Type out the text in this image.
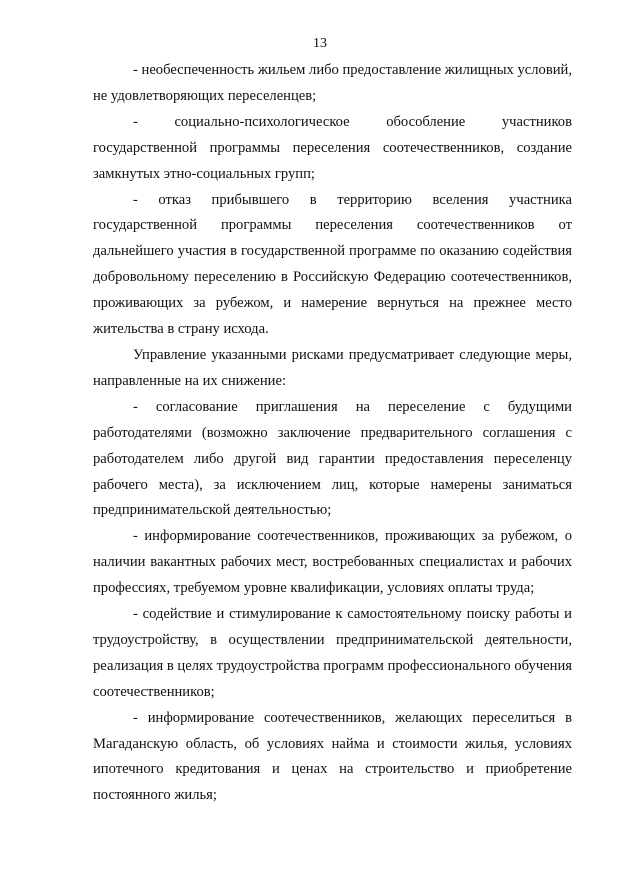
13

- необеспеченность жильем либо предоставление жилищных условий, не удовлетворяющих переселенцев;

- социально-психологическое обособление участников государственной программы переселения соотечественников, создание замкнутых этно-социальных групп;

- отказ прибывшего в территорию вселения участника государственной программы переселения соотечественников от дальнейшего участия в государственной программе по оказанию содействия добровольному переселению в Российскую Федерацию соотечественников, проживающих за рубежом, и намерение вернуться на прежнее место жительства в страну исхода.

Управление указанными рисками предусматривает следующие меры, направленные на их снижение:

- согласование приглашения на переселение с будущими работодателями (возможно заключение предварительного соглашения с работодателем либо другой вид гарантии предоставления переселенцу рабочего места), за исключением лиц, которые намерены заниматься предпринимательской деятельностью;

- информирование соотечественников, проживающих за рубежом, о наличии вакантных рабочих мест, востребованных специалистах и рабочих профессиях, требуемом уровне квалификации, условиях оплаты труда;

- содействие и стимулирование к самостоятельному поиску работы и трудоустройству, в осуществлении предпринимательской деятельности, реализация в целях трудоустройства программ профессионального обучения соотечественников;

- информирование соотечественников, желающих переселиться в Магаданскую область, об условиях найма и стоимости жилья, условиях ипотечного кредитования и ценах на строительство и приобретение постоянного жилья;
